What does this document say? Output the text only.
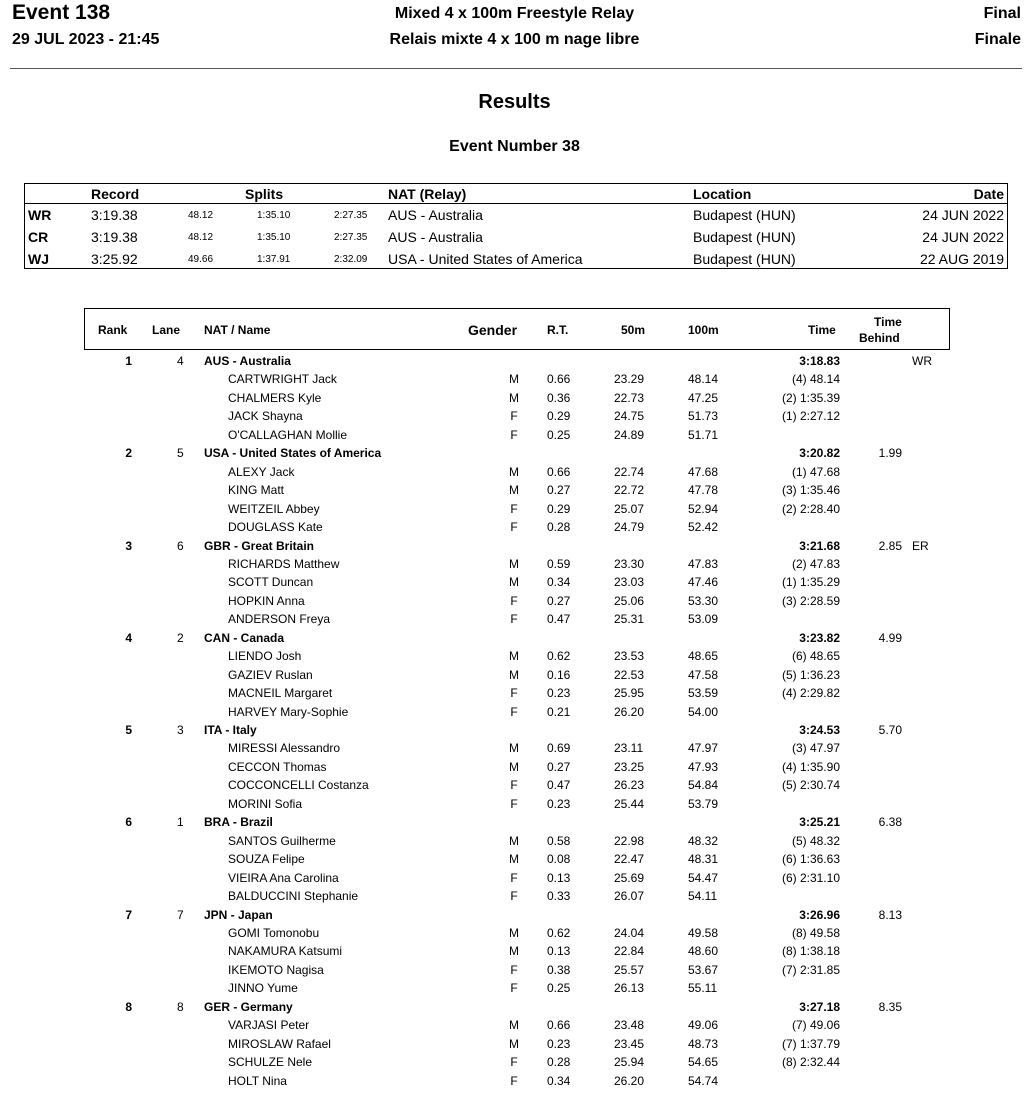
Event 138
29 JUL 2023 - 21:45
Mixed 4 x 100m Freestyle Relay
Relais mixte 4 x 100 m nage libre
Final
Finale
Results
Event Number 38
Record	Splits	NAT (Relay)	Location	Date
WR	3:19.38	48.12	1:35.10	2:27.35 AUS - Australia	Budapest (HUN)	24 JUN 2022
CR	3:19.38	48.12	1:35.10	2:27.35 AUS - Australia	Budapest (HUN)	24 JUN 2022
WJ	3:25.92	49.66	1:37.91	2:32.09 USA - United States of America	Budapest (HUN)	22 AUG 2019
Rank Lane NAT / Name	Gender R.T.	50m	100m	Time
Time
Behind
1	4 AUS - Australia	3:18.83	WR
CARTWRIGHT Jack	M 0.66	23.29	48.14	(4) 48.14
CHALMERS Kyle	M 0.36	22.73	47.25	(2) 1:35.39
JACK Shayna	F	0.29	24.75	51.73	(1) 2:27.12
O'CALLAGHAN Mollie	F	0.25	24.89	51.71
2	5 USA - United States of America	3:20.82	1.99
ALEXY Jack	M 0.66	22.74	47.68	(1) 47.68
KING Matt	M 0.27	22.72	47.78	(3) 1:35.46
WEITZEIL Abbey	F	0.29	25.07	52.94	(2) 2:28.40
DOUGLASS Kate	F	0.28	24.79	52.42
3	6 GBR - Great Britain	3:21.68	2.85 ER
RICHARDS Matthew	M 0.59	23.30	47.83	(2) 47.83
SCOTT Duncan	M 0.34	23.03	47.46	(1) 1:35.29
HOPKIN Anna	F	0.27	25.06	53.30	(3) 2:28.59
ANDERSON Freya	F	0.47	25.31	53.09
4	2 CAN - Canada	3:23.82	4.99
LIENDO Josh	M 0.62	23.53	48.65	(6) 48.65
GAZIEV Ruslan	M 0.16	22.53	47.58	(5) 1:36.23
MACNEIL Margaret	F	0.23	25.95	53.59	(4) 2:29.82
HARVEY Mary-Sophie	F	0.21	26.20	54.00
5	3 ITA - Italy	3:24.53	5.70
MIRESSI Alessandro	M 0.69	23.11	47.97	(3) 47.97
CECCON Thomas	M 0.27	23.25	47.93	(4) 1:35.90
COCCONCELLI Costanza	F	0.47	26.23	54.84	(5) 2:30.74
MORINI Sofia	F	0.23	25.44	53.79
6	1 BRA - Brazil	3:25.21	6.38
SANTOS Guilherme	M 0.58	22.98	48.32	(5) 48.32
SOUZA Felipe	M 0.08	22.47	48.31	(6) 1:36.63
VIEIRA Ana Carolina	F	0.13	25.69	54.47	(6) 2:31.10
BALDUCCINI Stephanie	F	0.33	26.07	54.11
7	7 JPN - Japan	3:26.96	8.13
GOMI Tomonobu	M 0.62	24.04	49.58	(8) 49.58
NAKAMURA Katsumi	M 0.13	22.84	48.60	(8) 1:38.18
IKEMOTO Nagisa	F	0.38	25.57	53.67	(7) 2:31.85
JINNO Yume	F	0.25	26.13	55.11
8	8 GER - Germany	3:27.18	8.35
VARJASI Peter	M 0.66	23.48	49.06	(7) 49.06
MIROSLAW Rafael	M 0.23	23.45	48.73	(7) 1:37.79
SCHULZE Nele	F	0.28	25.94	54.65	(8) 2:32.44
HOLT Nina	F	0.34	26.20	54.74
